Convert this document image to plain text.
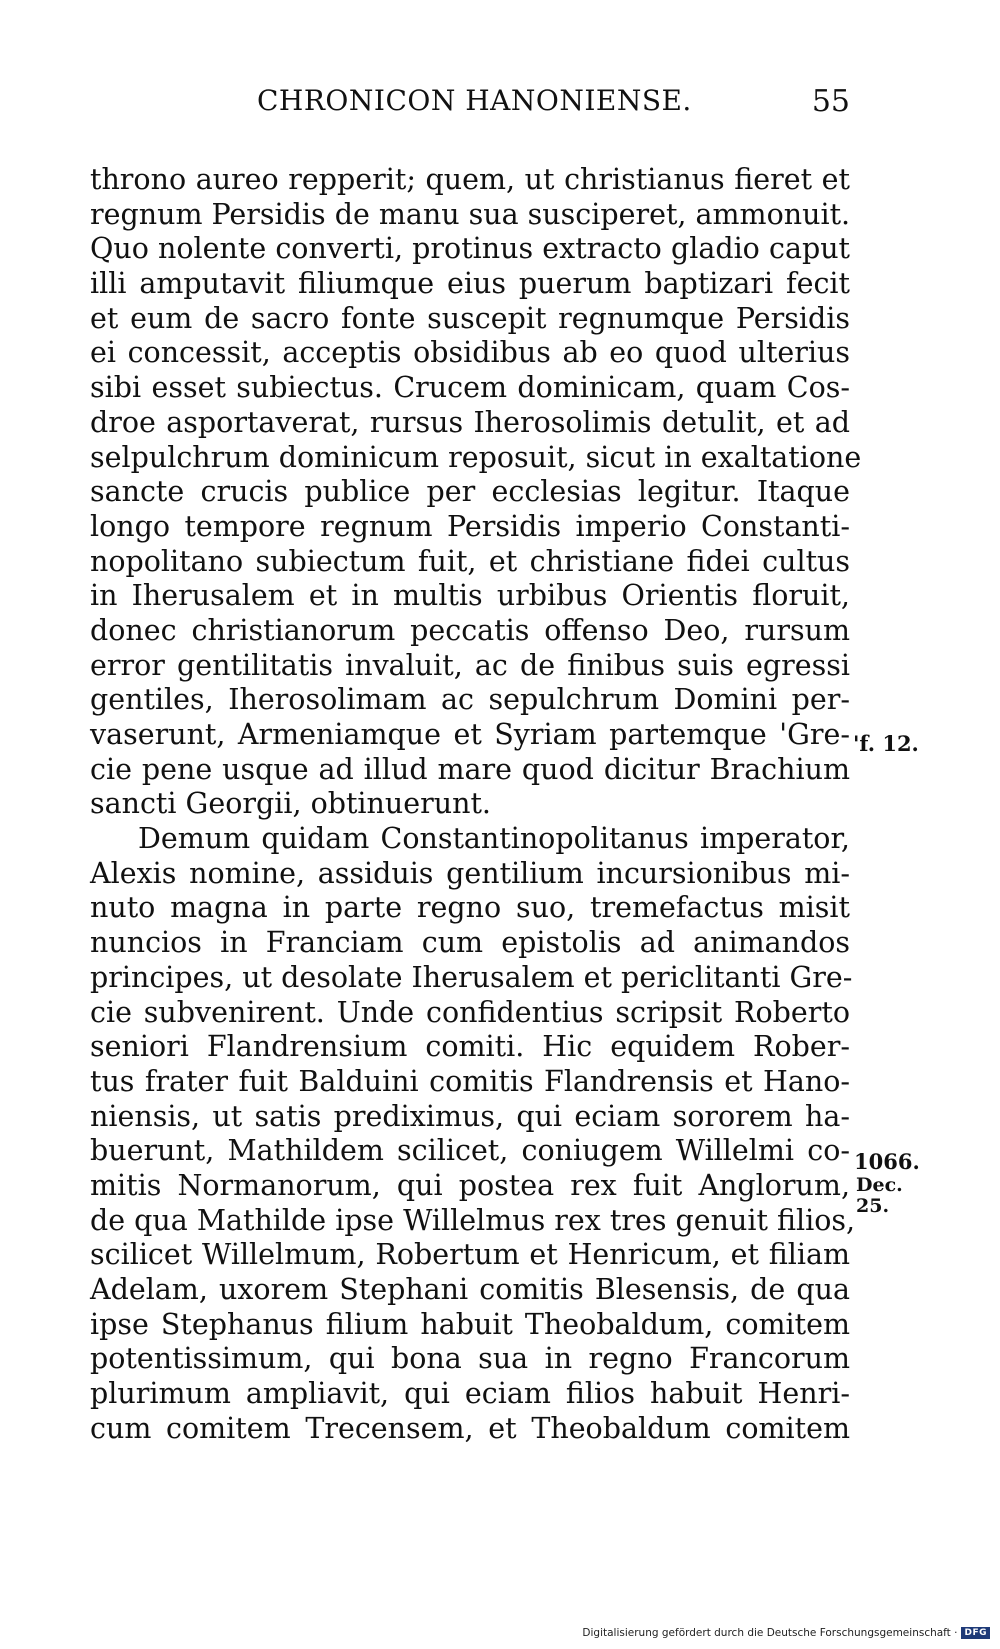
CHRONICON HANONIENSE.	55
throno aureo repperit; quem, ut christianus fieret et
regnum Persidis de manu sua susciperet, ammonuit.
Quo nolente converti, protinus extracto gladio caput
illi amputavit filiumque eius puerum baptizari fecit
et eum de sacro fonte suscepit regnumque Persidis
ei concessit, acceptis obsidibus ab eo quod ulterius
sibi esset subiectus. Crucem dominicam, quam Cos-
droe asportaverat, rursus Iherosolimis detulit, et ad
selpulchrum dominicum reposuit, sicut in exaltatione
sancte crucis publice per ecclesias legitur. Itaque
longo tempore regnum Persidis imperio Constanti-
nopolitano subiectum fuit, et christiane fidei cultus
in Iherusalem et in multis urbibus Orientis floruit,
donec christianorum peccatis offenso Deo, rursum
error gentilitatis invaluit, ac de finibus suis egressi
gentiles, Iherosolimam ac sepulchrum Domini per-
vaserunt, Armeniamque et Syriam partemque 'Gre-
cie pene usque ad illud mare quod dicitur Brachium
sancti Georgii, obtinuerunt.
Demum quidam Constantinopolitanus imperator,
Alexis nomine, assiduis gentilium incursionibus mi-
nuto magna in parte regno suo, tremefactus misit
nuncios in Franciam cum epistolis ad animandos
principes, ut desolate Iherusalem et periclitanti Gre-
cie subvenirent. Unde confidentius scripsit Roberto
seniori Flandrensium comiti. Hic equidem Rober-
tus frater fuit Balduini comitis Flandrensis et Hano-
niensis, ut satis prediximus, qui eciam sororem ha-
buerunt, Mathildem scilicet, coniugem Willelmi co-
mitis Normanorum, qui postea rex fuit Anglorum,
de qua Mathilde ipse Willelmus rex tres genuit filios,
scilicet Willelmum, Robertum et Henricum, et filiam
Adelam, uxorem Stephani comitis Blesensis, de qua
ipse Stephanus filium habuit Theobaldum, comitem
potentissimum, qui bona sua in regno Francorum
plurimum ampliavit, qui eciam filios habuit Henri-
cum comitem Trecensem, et Theobaldum comitem
'f. 12.
1066.
Dec.
25.
Digitalisierung gefördert durch die Deutsche Forschungsgemeinschaft · DFG
